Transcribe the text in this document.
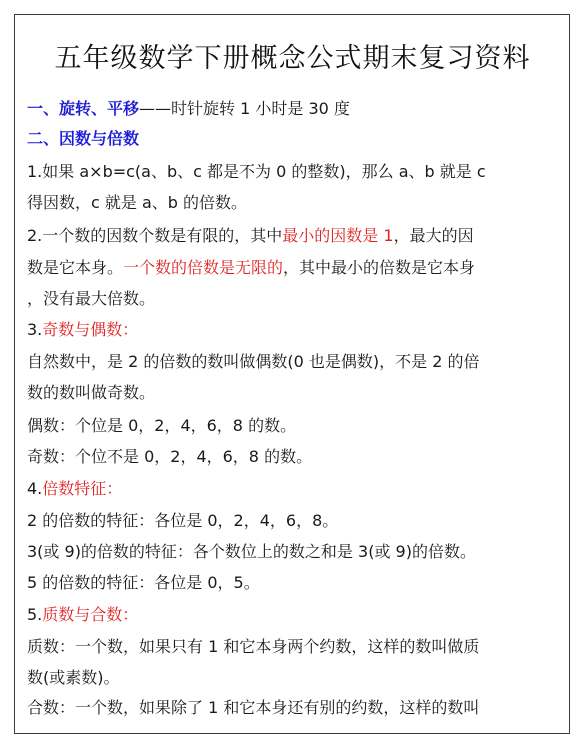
五年级数学下册概念公式期末复习资料
一、旋转、平移——时针旋转 1 小时是 30 度
二、因数与倍数
1.如果 a×b=c(a、b、c 都是不为 0 的整数)，那么 a、b 就是 c
得因数，c 就是 a、b 的倍数。
2.一个数的因数个数是有限的，其中最小的因数是 1，最大的因
数是它本身。一个数的倍数是无限的，其中最小的倍数是它本身
，没有最大倍数。
3.奇数与偶数：
自然数中，是 2 的倍数的数叫做偶数(0 也是偶数)，不是 2 的倍
数的数叫做奇数。
偶数：个位是 0，2，4，6，8 的数。
奇数：个位不是 0，2，4，6，8 的数。
4.倍数特征：
2 的倍数的特征：各位是 0，2，4，6，8。
3(或 9)的倍数的特征：各个数位上的数之和是 3(或 9)的倍数。
5 的倍数的特征：各位是 0，5。
5.质数与合数：
质数：一个数，如果只有 1 和它本身两个约数，这样的数叫做质
数(或素数)。
合数：一个数，如果除了 1 和它本身还有别的约数，这样的数叫
